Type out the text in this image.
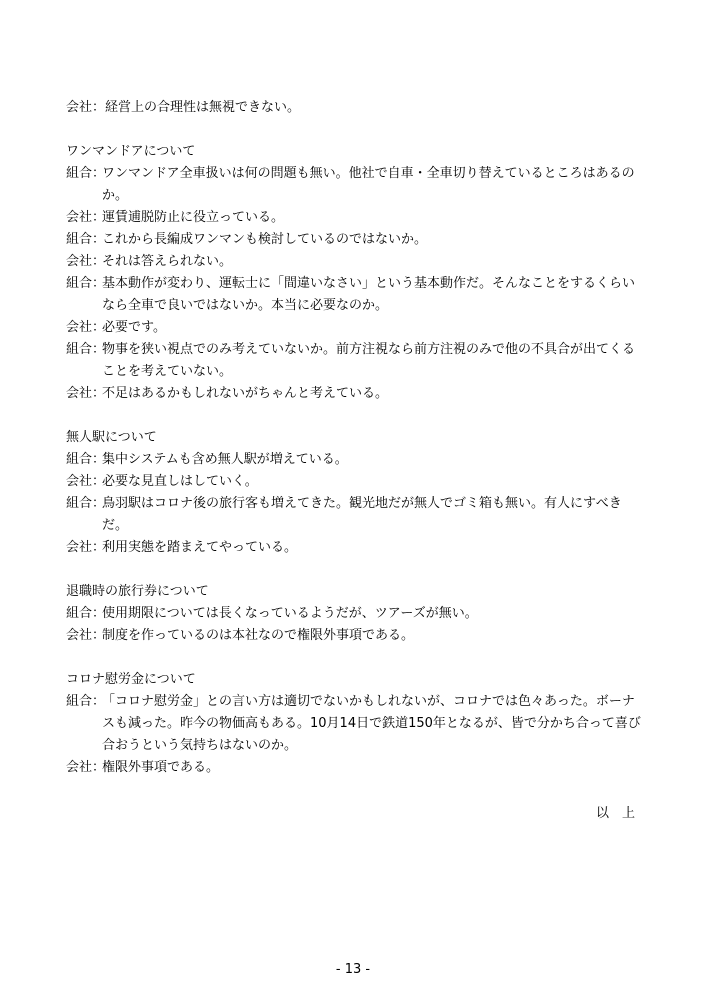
会社：経営上の合理性は無視できない。
ワンマンドアについて
組合：
ワンマンドア全車扱いは何の問題も無い。他社で自車・全車切り替えているところはあるのか。
会社：
運賃逋脱防止に役立っている。
組合：
これから長編成ワンマンも検討しているのではないか。
会社：
それは答えられない。
組合：
基本動作が変わり、運転士に「間違いなさい」という基本動作だ。そんなことをするくらいなら全車で良いではないか。本当に必要なのか。
会社：
必要です。
組合：
物事を狭い視点でのみ考えていないか。前方注視なら前方注視のみで他の不具合が出てくることを考えていない。
会社：
不足はあるかもしれないがちゃんと考えている。
無人駅について
組合：
集中システムも含め無人駅が増えている。
会社：
必要な見直しはしていく。
組合：
鳥羽駅はコロナ後の旅行客も増えてきた。観光地だが無人でゴミ箱も無い。有人にすべきだ。
会社：
利用実態を踏まえてやっている。
退職時の旅行券について
組合：
使用期限については長くなっているようだが、ツアーズが無い。
会社：
制度を作っているのは本社なので権限外事項である。
コロナ慰労金について
組合：
「コロナ慰労金」との言い方は適切でないかもしれないが、コロナでは色々あった。ボーナスも減った。昨今の物価高もある。10月14日で鉄道150年となるが、皆で分かち合って喜び合おうという気持ちはないのか。
会社：
権限外事項である。
以　上
- 13 -
